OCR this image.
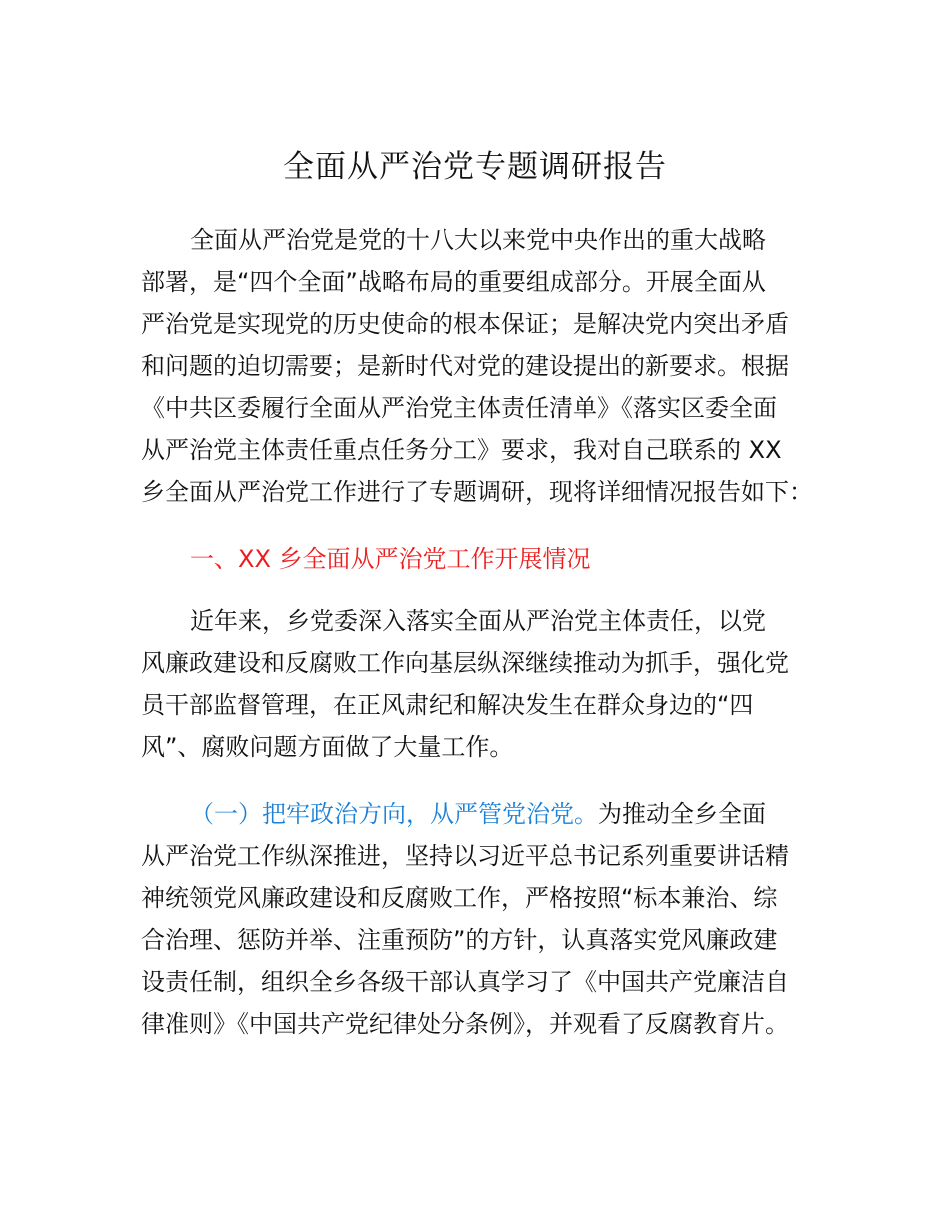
全面从严治党专题调研报告

全面从严治党是党的十八大以来党中央作出的重大战略

部署，是“四个全面”战略布局的重要组成部分。开展全面从

严治党是实现党的历史使命的根本保证；是解决党内突出矛盾

和问题的迫切需要；是新时代对党的建设提出的新要求。根据

《中共区委履行全面从严治党主体责任清单》《落实区委全面

从严治党主体责任重点任务分工》要求，我对自己联系的 XX

乡全面从严治党工作进行了专题调研，现将详细情况报告如下：

一、XX 乡全面从严治党工作开展情况

近年来，乡党委深入落实全面从严治党主体责任，以党

风廉政建设和反腐败工作向基层纵深继续推动为抓手，强化党

员干部监督管理，在正风肃纪和解决发生在群众身边的“四

风”、腐败问题方面做了大量工作。

（一）把牢政治方向，从严管党治党。为推动全乡全面

从严治党工作纵深推进，坚持以习近平总书记系列重要讲话精

神统领党风廉政建设和反腐败工作，严格按照“标本兼治、综

合治理、惩防并举、注重预防”的方针，认真落实党风廉政建

设责任制，组织全乡各级干部认真学习了《中国共产党廉洁自

律准则》《中国共产党纪律处分条例》，并观看了反腐教育片。
